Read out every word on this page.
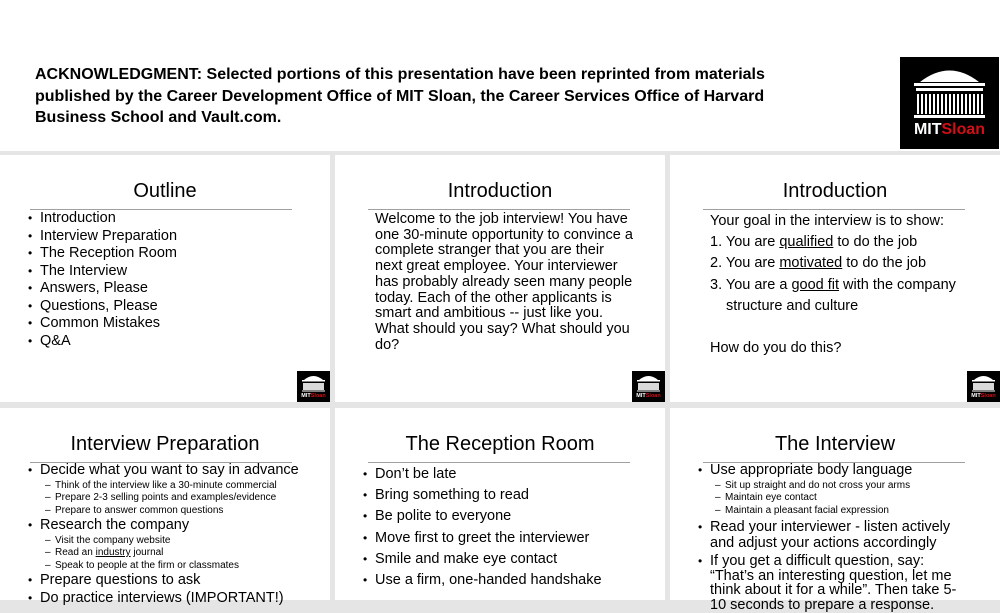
ACKNOWLEDGMENT: Selected portions of this presentation have been reprinted from materials
published by the Career Development Office of MIT Sloan, the Career Services Office of Harvard
Business School and Vault.com.
MITSloan
Outline
• Introduction
• Interview Preparation
• The Reception Room
• The Interview
• Answers, Please
• Questions, Please
• Common Mistakes
• Q&A
MITSloan
Introduction
Welcome to the job interview! You have
one 30-minute opportunity to convince a
complete stranger that you are their
next great employee. Your interviewer
has probably already seen many people
today. Each of the other applicants is
smart and ambitious -- just like you.
What should you say? What should you
do?
MITSloan
Introduction
Your goal in the interview is to show:
1. You are qualified to do the job
2. You are motivated to do the job
3. You are a good fit with the company
structure and culture
How do you do this?
MITSloan
Interview Preparation
• Decide what you want to say in advance
– Think of the interview like a 30-minute commercial
– Prepare 2-3 selling points and examples/evidence
– Prepare to answer common questions
• Research the company
– Visit the company website
– Read an industry journal
– Speak to people at the firm or classmates
• Prepare questions to ask
• Do practice interviews (IMPORTANT!)
The Reception Room
• Don’t be late
• Bring something to read
• Be polite to everyone
• Move first to greet the interviewer
• Smile and make eye contact
• Use a firm, one-handed handshake
The Interview
• Use appropriate body language
– Sit up straight and do not cross your arms
– Maintain eye contact
– Maintain a pleasant facial expression
• Read your interviewer - listen actively
and adjust your actions accordingly
• If you get a difficult question, say:
“That’s an interesting question, let me
think about it for a while”. Then take 5-
10 seconds to prepare a response.
